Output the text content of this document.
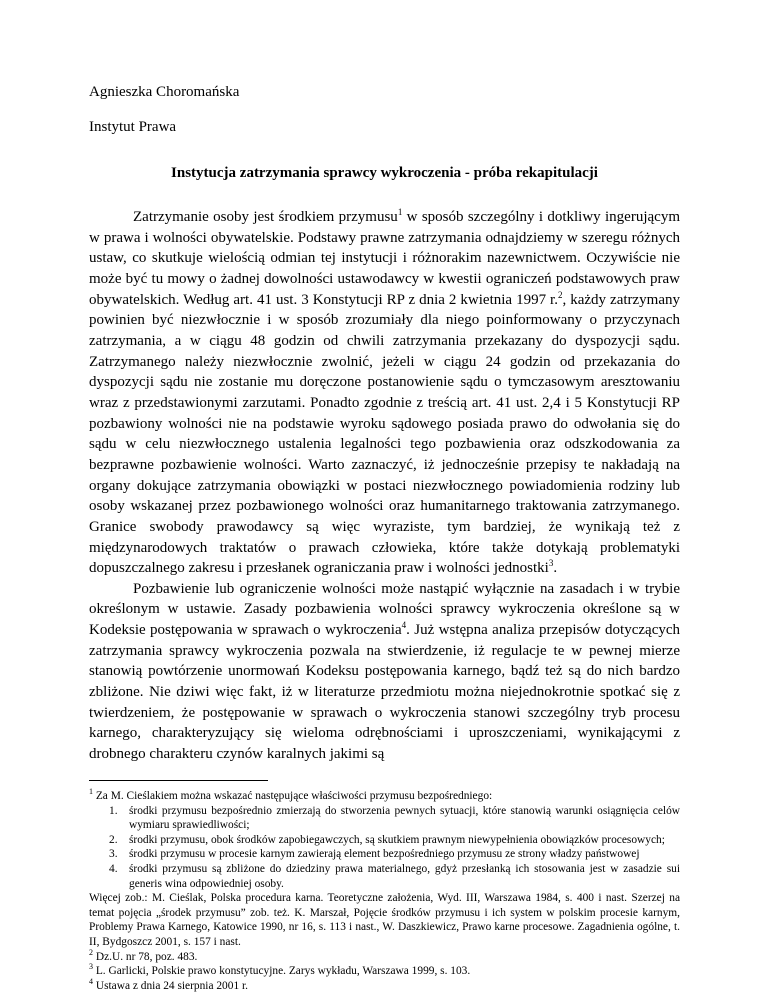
Agnieszka Choromańska
Instytut Prawa
Instytucja zatrzymania sprawcy wykroczenia - próba rekapitulacji

Zatrzymanie osoby jest środkiem przymusu$^1$ w sposób szczególny i dotkliwy ingerującym w prawa i wolności obywatelskie. Podstawy prawne zatrzymania odnajdziemy w szeregu różnych ustaw, co skutkuje wielością odmian tej instytucji i różnorakim nazewnictwem. Oczywiście nie może być tu mowy o żadnej dowolności ustawodawcy w kwestii ograniczeń podstawowych praw obywatelskich. Według art. 41 ust. 3 Konstytucji RP z dnia 2 kwietnia 1997 r.$^2$, każdy zatrzymany powinien być niezwłocznie i w sposób zrozumiały dla niego poinformowany o przyczynach zatrzymania, a w ciągu 48 godzin od chwili zatrzymania przekazany do dyspozycji sądu. Zatrzymanego należy niezwłocznie zwolnić, jeżeli w ciągu 24 godzin od przekazania do dyspozycji sądu nie zostanie mu doręczone postanowienie sądu o tymczasowym aresztowaniu wraz z przedstawionymi zarzutami. Ponadto zgodnie z treścią art. 41 ust. 2,4 i 5 Konstytucji RP pozbawiony wolności nie na podstawie wyroku sądowego posiada prawo do odwołania się do sądu w celu niezwłocznego ustalenia legalności tego pozbawienia oraz odszkodowania za bezprawne pozbawienie wolności. Warto zaznaczyć, iż jednocześnie przepisy te nakładają na organy dokujące zatrzymania obowiązki w postaci niezwłocznego powiadomienia rodziny lub osoby wskazanej przez pozbawionego wolności oraz humanitarnego traktowania zatrzymanego. Granice swobody prawodawcy są więc wyraziste, tym bardziej, że wynikają też z międzynarodowych traktatów o prawach człowieka, które także dotykają problematyki dopuszczalnego zakresu i przesłanek ograniczania praw i wolności jednostki$^3$.

Pozbawienie lub ograniczenie wolności może nastąpić wyłącznie na zasadach i w trybie określonym w ustawie. Zasady pozbawienia wolności sprawcy wykroczenia określone są w Kodeksie postępowania w sprawach o wykroczenia$^4$. Już wstępna analiza przepisów dotyczących zatrzymania sprawcy wykroczenia pozwala na stwierdzenie, iż regulacje te w pewnej mierze stanowią powtórzenie unormowań Kodeksu postępowania karnego, bądź też są do nich bardzo zbliżone. Nie dziwi więc fakt, iż w literaturze przedmiotu można niejednokrotnie spotkać się z twierdzeniem, że postępowanie w sprawach o wykroczenia stanowi szczególny tryb procesu karnego, charakteryzujący się wieloma odrębnościami i uproszczeniami, wynikającymi z drobnego charakteru czynów karalnych jakimi są

$^1$ Za M. Cieślakiem można wskazać następujące właściwości przymusu bezpośredniego:

1. środki przymusu bezpośrednio zmierzają do stworzenia pewnych sytuacji, które stanowią warunki osiągnięcia celów wymiaru sprawiedliwości;
2. środki przymusu, obok środków zapobiegawczych, są skutkiem prawnym niewypełnienia obowiązków procesowych;
3. środki przymusu w procesie karnym zawierają element bezpośredniego przymusu ze strony władzy państwowej
4. środki przymusu są zbliżone do dziedziny prawa materialnego, gdyż przesłanką ich stosowania jest w zasadzie sui generis wina odpowiedniej osoby.

Więcej zob.: M. Cieślak, Polska procedura karna. Teoretyczne założenia, Wyd. III, Warszawa 1984, s. 400 i nast. Szerzej na temat pojęcia „środek przymusu” zob. też. K. Marszał, Pojęcie środków przymusu i ich system w polskim procesie karnym, Problemy Prawa Karnego, Katowice 1990, nr 16, s. 113 i nast., W. Daszkiewicz, Prawo karne procesowe. Zagadnienia ogólne, t. II, Bydgoszcz 2001, s. 157 i nast.

$^2$ Dz.U. nr 78, poz. 483.

$^3$ L. Garlicki, Polskie prawo konstytucyjne. Zarys wykładu, Warszawa 1999, s. 103.

$^4$ Ustawa z dnia 24 sierpnia 2001 r.
